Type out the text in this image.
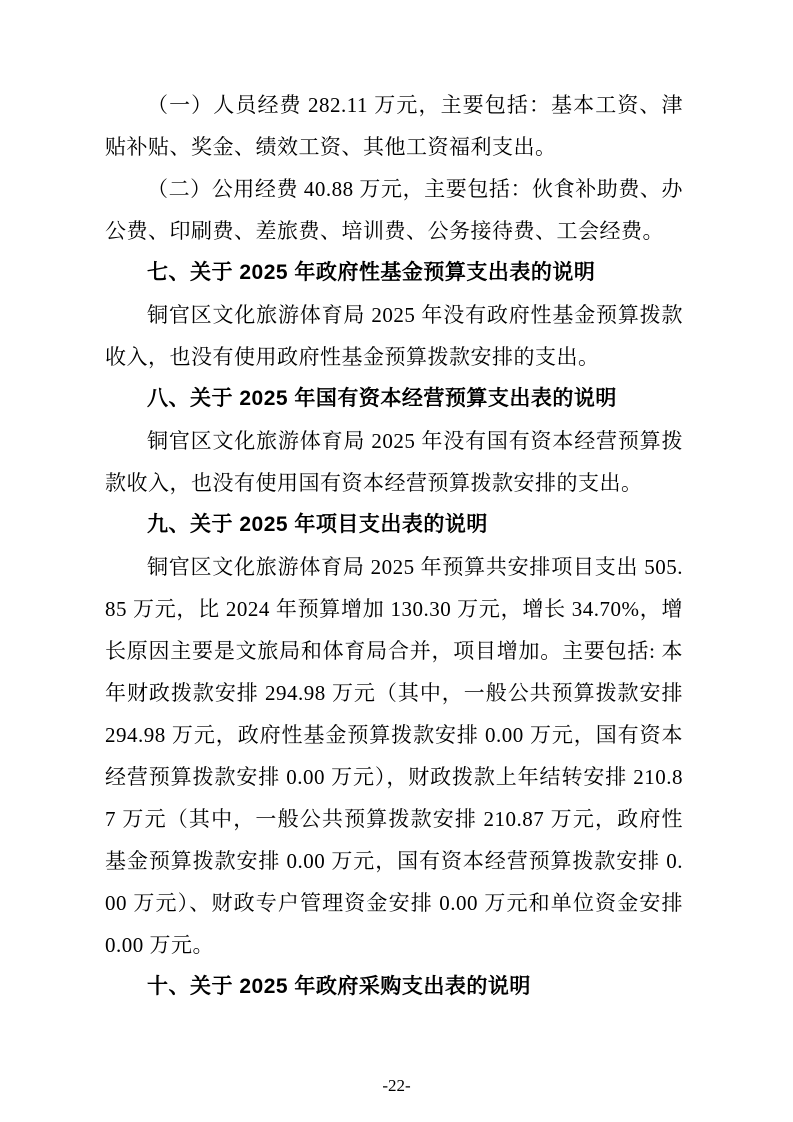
（一）人员经费 282.11 万元，主要包括：基本工资、津贴补贴、奖金、绩效工资、其他工资福利支出。

（二）公用经费 40.88 万元，主要包括：伙食补助费、办公费、印刷费、差旅费、培训费、公务接待费、工会经费。

七、关于 2025 年政府性基金预算支出表的说明

铜官区文化旅游体育局 2025 年没有政府性基金预算拨款收入，也没有使用政府性基金预算拨款安排的支出。

八、关于 2025 年国有资本经营预算支出表的说明

铜官区文化旅游体育局 2025 年没有国有资本经营预算拨款收入，也没有使用国有资本经营预算拨款安排的支出。

九、关于 2025 年项目支出表的说明

铜官区文化旅游体育局 2025 年预算共安排项目支出 505.85 万元，比 2024 年预算增加 130.30 万元，增长 34.70%，增长原因主要是文旅局和体育局合并，项目增加。主要包括: 本年财政拨款安排 294.98 万元（其中，一般公共预算拨款安排 294.98 万元，政府性基金预算拨款安排 0.00 万元，国有资本经营预算拨款安排 0.00 万元），财政拨款上年结转安排 210.87 万元（其中，一般公共预算拨款安排 210.87 万元，政府性基金预算拨款安排 0.00 万元，国有资本经营预算拨款安排 0.00 万元）、财政专户管理资金安排 0.00 万元和单位资金安排 0.00 万元。

十、关于 2025 年政府采购支出表的说明
-22-
